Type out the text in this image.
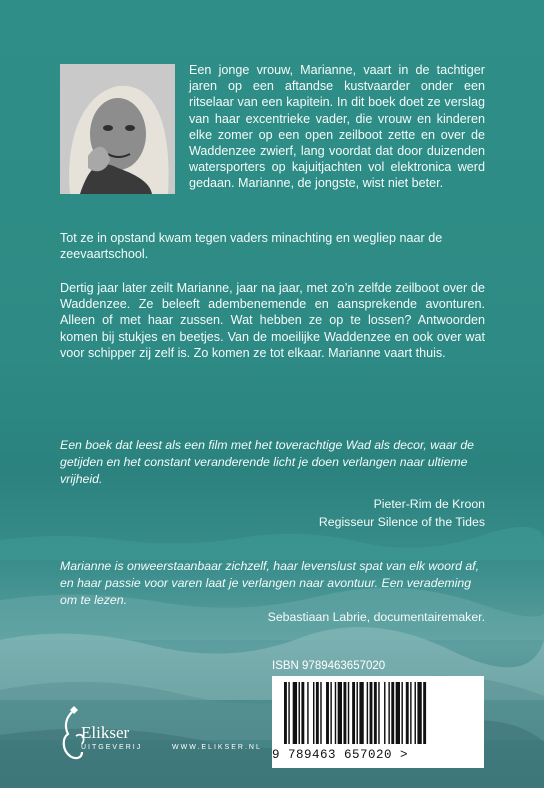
Een jonge vrouw, Marianne, vaart in de tachtiger jaren op een aftandse kustvaarder onder een ritselaar van een kapitein. In dit boek doet ze verslag van haar excentrieke vader, die vrouw en kinderen elke zomer op een open zeilboot zette en over de Waddenzee zwierf, lang voordat dat door duizenden watersporters op kajuitjachten vol elektronica werd gedaan. Marianne, de jongste, wist niet beter.

Tot ze in opstand kwam tegen vaders minachting en wegliep naar de zeevaartschool.

Dertig jaar later zeilt Marianne, jaar na jaar, met zo’n zelfde zeilboot over de Waddenzee. Ze beleeft adembenemende en aansprekende avonturen. Alleen of met haar zussen. Wat hebben ze op te lossen? Antwoorden komen bij stukjes en beetjes. Van de moeilijke Waddenzee en ook over wat voor schipper zij zelf is. Zo komen ze tot elkaar. Marianne vaart thuis.

Een boek dat leest als een film met het toverachtige Wad als decor, waar de getijden en het constant veranderende licht je doen verlangen naar ultieme vrijheid.

Pieter-Rim de Kroon

Regisseur Silence of the Tides

Marianne is onweerstaanbaar zichzelf, haar levenslust spat van elk woord af, en haar passie voor varen laat je verlangen naar avontuur. Een verademing om te lezen.

Sebastiaan Labrie, documentairemaker.

ISBN 9789463657020

9 789463 657020 >

Elikser

UITGEVERIJ	WWW.ELIKSER.NL
